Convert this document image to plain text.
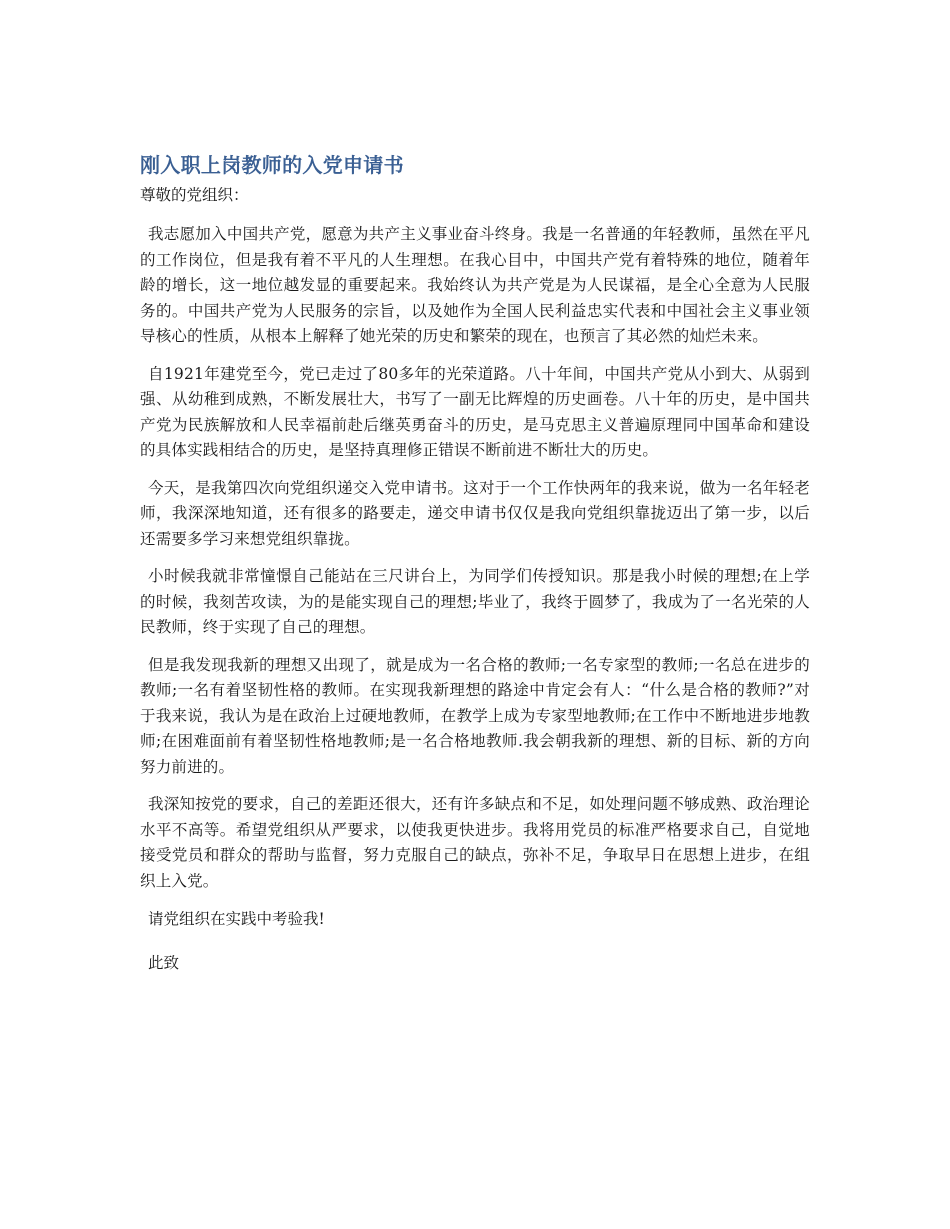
刚入职上岗教师的入党申请书

尊敬的党组织：

我志愿加入中国共产党，愿意为共产主义事业奋斗终身。我是一名普通的年轻教师，虽然在平凡的工作岗位，但是我有着不平凡的人生理想。在我心目中，中国共产党有着特殊的地位，随着年龄的增长，这一地位越发显的重要起来。我始终认为共产党是为人民谋福，是全心全意为人民服务的。中国共产党为人民服务的宗旨，以及她作为全国人民利益忠实代表和中国社会主义事业领导核心的性质，从根本上解释了她光荣的历史和繁荣的现在，也预言了其必然的灿烂未来。

自1921年建党至今，党已走过了80多年的光荣道路。八十年间，中国共产党从小到大、从弱到强、从幼稚到成熟，不断发展壮大，书写了一副无比辉煌的历史画卷。八十年的历史，是中国共产党为民族解放和人民幸福前赴后继英勇奋斗的历史，是马克思主义普遍原理同中国革命和建设的具体实践相结合的历史，是坚持真理修正错误不断前进不断壮大的历史。

今天，是我第四次向党组织递交入党申请书。这对于一个工作快两年的我来说，做为一名年轻老师，我深深地知道，还有很多的路要走，递交申请书仅仅是我向党组织靠拢迈出了第一步，以后还需要多学习来想党组织靠拢。

小时候我就非常憧憬自己能站在三尺讲台上，为同学们传授知识。那是我小时候的理想;在上学的时候，我刻苦攻读，为的是能实现自己的理想;毕业了，我终于圆梦了，我成为了一名光荣的人民教师，终于实现了自己的理想。

但是我发现我新的理想又出现了，就是成为一名合格的教师;一名专家型的教师;一名总在进步的教师;一名有着坚韧性格的教师。在实现我新理想的路途中肯定会有人：“什么是合格的教师?”对于我来说，我认为是在政治上过硬地教师，在教学上成为专家型地教师;在工作中不断地进步地教师;在困难面前有着坚韧性格地教师;是一名合格地教师.我会朝我新的理想、新的目标、新的方向努力前进的。

我深知按党的要求，自己的差距还很大，还有许多缺点和不足，如处理问题不够成熟、政治理论水平不高等。希望党组织从严要求，以使我更快进步。我将用党员的标准严格要求自己，自觉地接受党员和群众的帮助与监督，努力克服自己的缺点，弥补不足，争取早日在思想上进步，在组织上入党。

请党组织在实践中考验我!

此致
